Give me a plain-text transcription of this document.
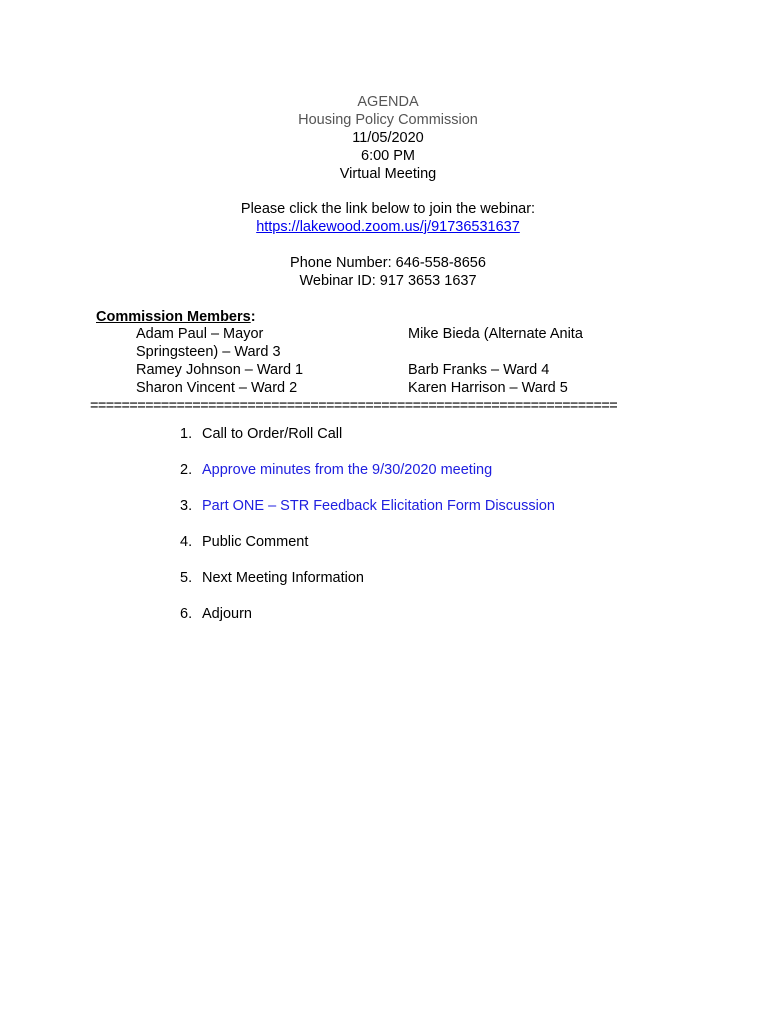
AGENDA
Housing Policy Commission
11/05/2020
6:00 PM
Virtual Meeting
Please click the link below to join the webinar:
https://lakewood.zoom.us/j/91736531637
Phone Number: 646-558-8656
Webinar ID: 917 3653 1637
Commission Members:
Adam Paul – Mayor
Springsteen) – Ward 3
Ramey Johnson – Ward 1
Sharon Vincent – Ward 2
Mike Bieda (Alternate Anita
Barb Franks – Ward 4
Karen Harrison – Ward 5
===================================================================
1. Call to Order/Roll Call
2. Approve minutes from the 9/30/2020 meeting
3. Part ONE – STR Feedback Elicitation Form Discussion
4. Public Comment
5. Next Meeting Information
6. Adjourn
